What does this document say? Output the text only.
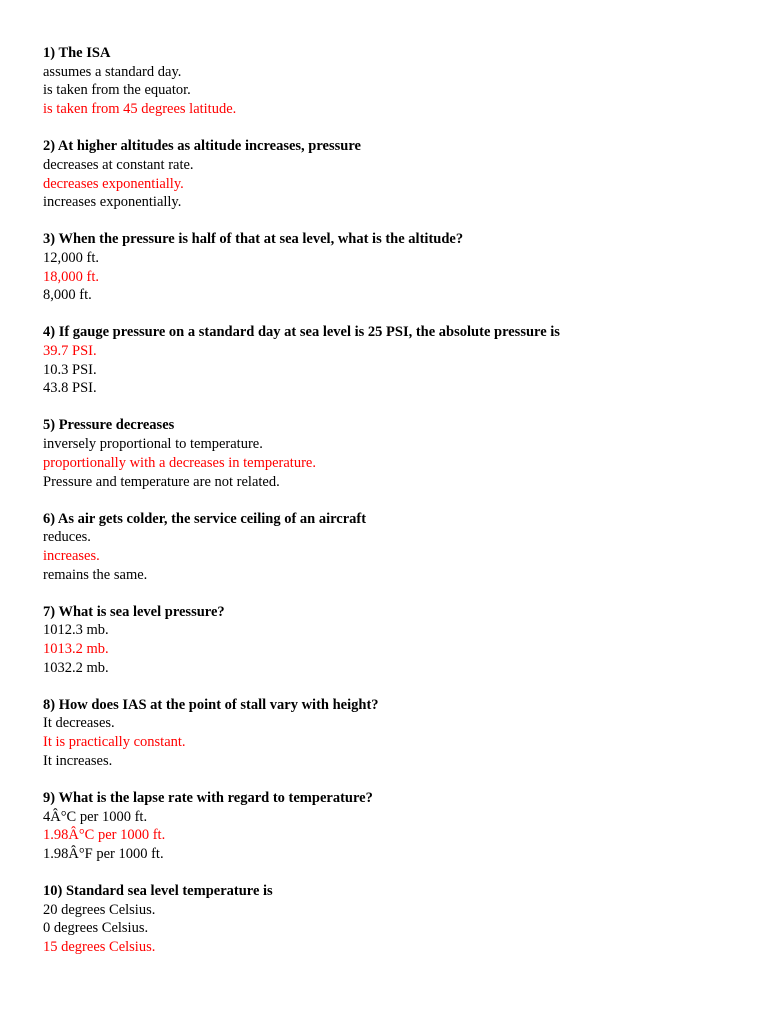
1) The ISA
assumes a standard day.
is taken from the equator.
is taken from 45 degrees latitude.
2) At higher altitudes as altitude increases, pressure
decreases at constant rate.
decreases exponentially.
increases exponentially.
3) When the pressure is half of that at sea level, what is the altitude?
12,000 ft.
18,000 ft.
8,000 ft.
4) If gauge pressure on a standard day at sea level is 25 PSI, the absolute pressure is
39.7 PSI.
10.3 PSI.
43.8 PSI.
5) Pressure decreases
inversely proportional to temperature.
proportionally with a decreases in temperature.
Pressure and temperature are not related.
6) As air gets colder, the service ceiling of an aircraft
reduces.
increases.
remains the same.
7) What is sea level pressure?
1012.3 mb.
1013.2 mb.
1032.2 mb.
8) How does IAS at the point of stall vary with height?
It decreases.
It is practically constant.
It increases.
9) What is the lapse rate with regard to temperature?
4Â°C per 1000 ft.
1.98Â°C per 1000 ft.
1.98Â°F per 1000 ft.
10) Standard sea level temperature is
20 degrees Celsius.
0 degrees Celsius.
15 degrees Celsius.
